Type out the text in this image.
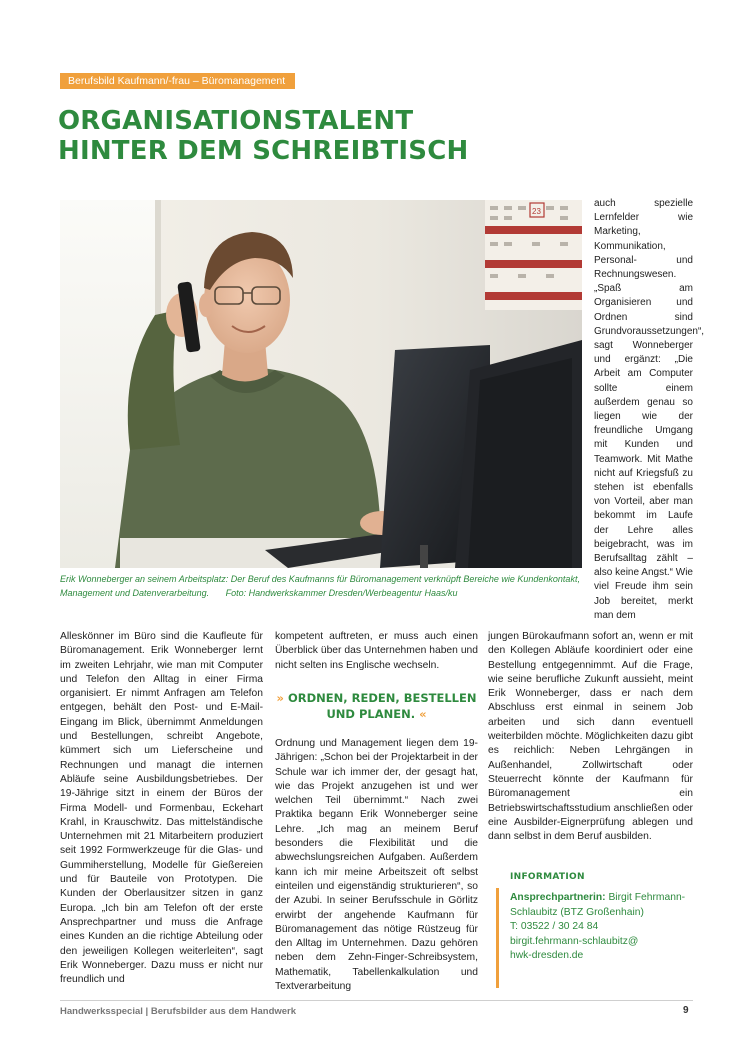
Berufsbild Kaufmann/-frau – Büromanagement
ORGANISATIONSTALENT
HINTER DEM SCHREIBTISCH
23
Erik Wonneberger an seinem Arbeitsplatz: Der Beruf des Kaufmanns für Büromanagement verknüpft Bereiche wie Kundenkontakt, Management und Datenverarbeitung. Foto: Handwerkskammer Dresden/Werbeagentur Haas/ku
auch spezielle Lernfelder wie Marketing, Kommunikation, Personal- und Rechnungswesen. „Spaß am Organisieren und Ordnen sind Grundvoraussetzungen“, sagt Wonneberger und ergänzt: „Die Arbeit am Computer sollte einem außerdem genau so liegen wie der freundliche Umgang mit Kunden und Teamwork. Mit Mathe nicht auf Kriegsfuß zu stehen ist ebenfalls von Vorteil, aber man bekommt im Laufe der Lehre alles beigebracht, was im Berufsalltag zählt – also keine Angst.“ Wie viel Freude ihm sein Job bereitet, merkt man dem
Alleskönner im Büro sind die Kaufleute für Büromanagement. Erik Wonneberger lernt im zweiten Lehrjahr, wie man mit Computer und Telefon den Alltag in einer Firma organisiert. Er nimmt Anfragen am Telefon entgegen, behält den Post- und E-Mail-Eingang im Blick, übernimmt Anmeldungen und Bestellungen, schreibt Angebote, kümmert sich um Lieferscheine und Rechnungen und managt die internen Abläufe seine Ausbildungsbetriebes. Der 19-Jährige sitzt in einem der Büros der Firma Modell- und Formenbau, Eckehart Krahl, in Krauschwitz. Das mittelständische Unternehmen mit 21 Mitarbeitern produziert seit 1992 Formwerkzeuge für die Glas- und Gummiherstellung, Modelle für Gießereien und für Bauteile von Prototypen. Die Kunden der Oberlausitzer sitzen in ganz Europa. „Ich bin am Telefon oft der erste Ansprechpartner und muss die Anfrage eines Kunden an die richtige Abteilung oder den jeweiligen Kollegen weiterleiten“, sagt Erik Wonneberger. Dazu muss er nicht nur freundlich und
kompetent auftreten, er muss auch einen Überblick über das Unternehmen haben und nicht selten ins Englische wechseln.
» ORDNEN, REDEN, BESTELLEN
UND PLANEN. «
Ordnung und Management liegen dem 19-Jährigen: „Schon bei der Projektarbeit in der Schule war ich immer der, der gesagt hat, wie das Projekt anzugehen ist und wer welchen Teil übernimmt.“ Nach zwei Praktika begann Erik Wonneberger seine Lehre. „Ich mag an meinem Beruf besonders die Flexibilität und die abwechslungsreichen Aufgaben. Außerdem kann ich mir meine Arbeitszeit oft selbst einteilen und eigenständig strukturieren“, so der Azubi. In seiner Berufsschule in Görlitz erwirbt der angehende Kaufmann für Büromanagement das nötige Rüstzeug für den Alltag im Unternehmen. Dazu gehören neben dem Zehn-Finger-Schreibsystem, Mathematik, Tabellenkalkulation und Textverarbeitung
jungen Bürokaufmann sofort an, wenn er mit den Kollegen Abläufe koordiniert oder eine Bestellung entgegennimmt. Auf die Frage, wie seine berufliche Zukunft aussieht, meint Erik Wonneberger, dass er nach dem Abschluss erst einmal in seinem Job arbeiten und sich dann eventuell weiterbilden möchte. Möglichkeiten dazu gibt es reichlich: Neben Lehrgängen in Außenhandel, Zollwirtschaft oder Steuerrecht könnte der Kaufmann für Büromanagement ein Betriebswirtschaftsstudium anschließen oder eine Ausbilder-Eignerprüfung ablegen und dann selbst in dem Beruf ausbilden.
INFORMATION
Ansprechpartnerin: Birgit Fehrmann-Schlaubitz (BTZ Großenhain)
T: 03522 / 30 24 84
birgit.fehrmann-schlaubitz@
hwk-dresden.de
Handwerksspecial | Berufsbilder aus dem Handwerk	9
